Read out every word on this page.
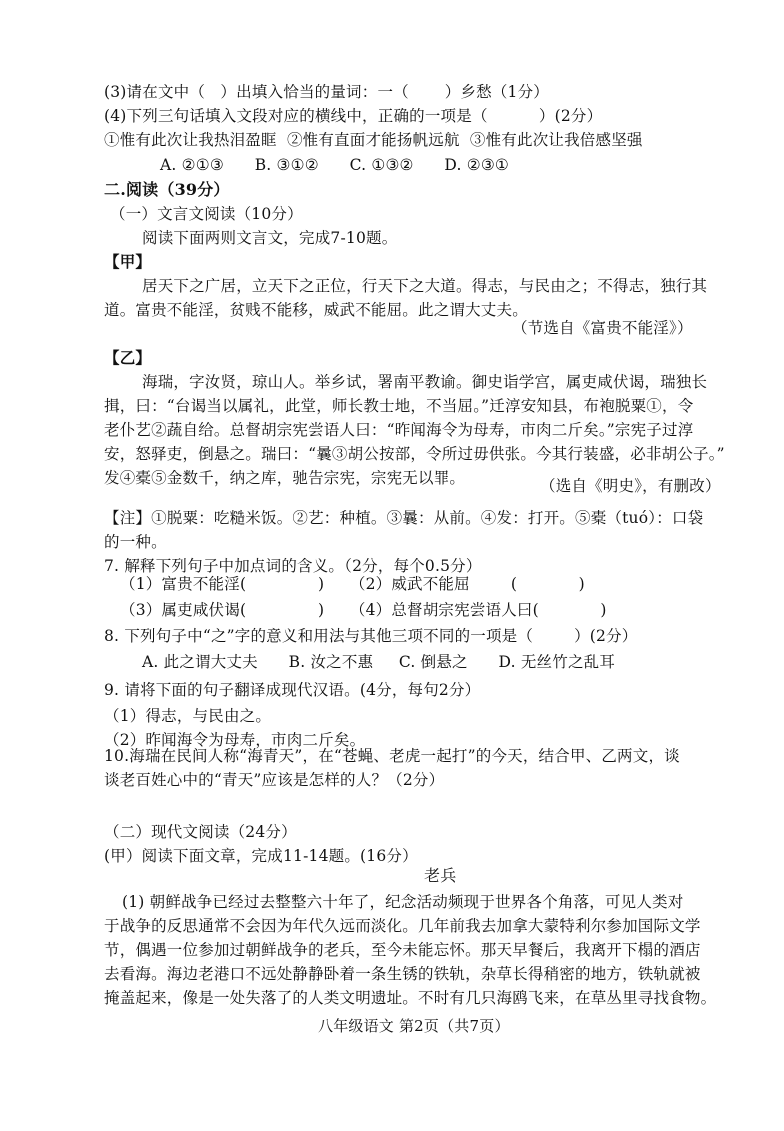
(3)请在文中（   ）出填入恰当的量词：一（       ）乡愁（1分）
(4)下列三句话填入文段对应的横线中，正确的一项是（          ）(2分）
①惟有此次让我热泪盈眶  ②惟有直面才能扬帆远航  ③惟有此次让我倍感坚强
A. ②①③      B. ③①②      C. ①③②      D. ②③①
二.阅读（39分）
（一）文言文阅读（10分）
阅读下面两则文言文，完成7-10题。
【甲】
居天下之广居，立天下之正位，行天下之大道。得志，与民由之；不得志，独行其
道。富贵不能淫，贫贱不能移，威武不能屈。此之谓大丈夫。
（节选自《富贵不能淫》）
【乙】
海瑞，字汝贤，琼山人。举乡试，署南平教谕。御史诣学宫，属吏咸伏谒，瑞独长
揖，曰：“台谒当以属礼，此堂，师长教士地，不当屈。”迁淳安知县，布袍脱粟①，令
老仆艺②蔬自给。总督胡宗宪尝语人曰：“昨闻海令为母寿，市肉二斤矣。”宗宪子过淳
安，怒驿吏，倒悬之。瑞曰：“曩③胡公按部，令所过毋供张。今其行装盛，必非胡公子。”
发④橐⑤金数千，纳之库，驰告宗宪，宗宪无以罪。	（选自《明史》，有删改）
【注】①脱粟：吃糙米饭。②艺：种植。③曩：从前。④发：打开。⑤橐（tuó）：口袋
的一种。
7. 解释下列句子中加点词的含义。（2分，每个0.5分）
（1）富贵不能淫(              )     （2）威武不能屈        (            )
（3）属吏咸伏谒(              )     （4）总督胡宗宪尝语人曰(            )
8. 下列句子中“之”字的意义和用法与其他三项不同的一项是（        ）(2分）
A. 此之谓大丈夫      B. 汝之不惠     C. 倒悬之      D. 无丝竹之乱耳
9. 请将下面的句子翻译成现代汉语。(4分，每句2分）
（1）得志，与民由之。
（2）昨闻海令为母寿，市肉二斤矣。
10.海瑞在民间人称“海青天”，在“苍蝇、老虎一起打”的今天，结合甲、乙两文，谈
谈老百姓心中的“青天”应该是怎样的人？（2分）
（二）现代文阅读（24分）
(甲）阅读下面文章，完成11-14题。(16分）
老兵
(1) 朝鲜战争已经过去整整六十年了，纪念活动频现于世界各个角落，可见人类对
于战争的反思通常不会因为年代久远而淡化。几年前我去加拿大蒙特利尔参加国际文学
节，偶遇一位参加过朝鲜战争的老兵，至今未能忘怀。那天早餐后，我离开下榻的酒店
去看海。海边老港口不远处静静卧着一条生锈的铁轨，杂草长得稍密的地方，铁轨就被
掩盖起来，像是一处失落了的人类文明遗址。不时有几只海鸥飞来，在草丛里寻找食物。
八年级语文 第2页（共7页）
